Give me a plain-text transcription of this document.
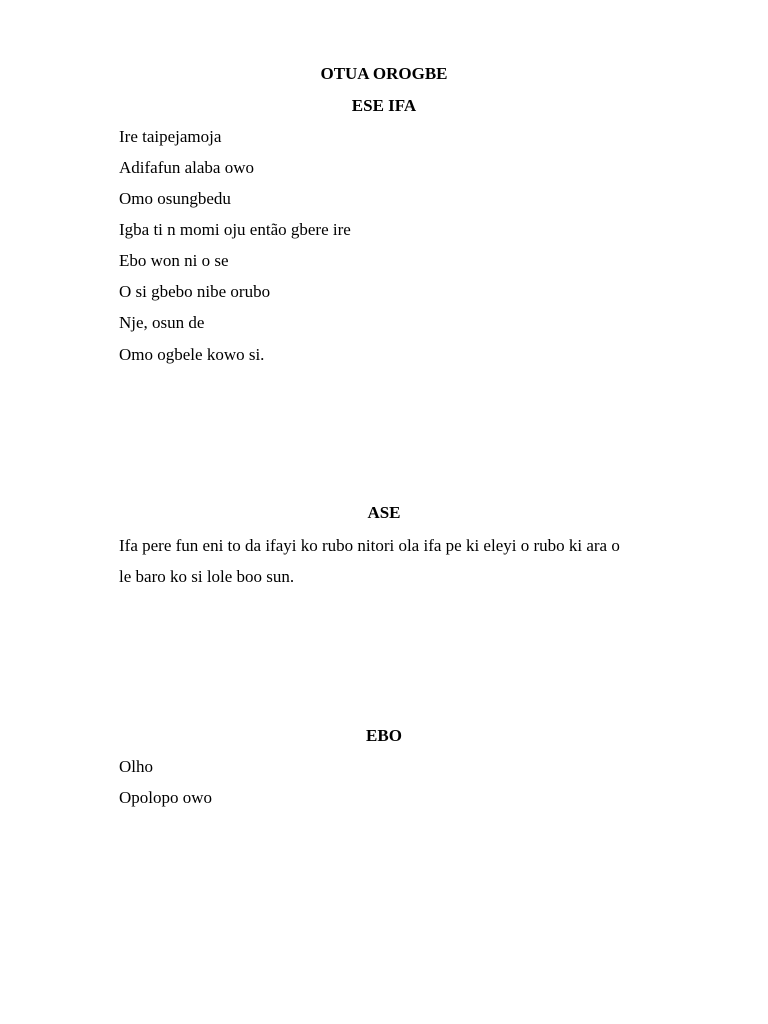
OTUA OROGBE

ESE IFA

Ire taipejamoja

Adifafun alaba owo

Omo osungbedu

Igba ti n momi oju então gbere ire

Ebo won ni o se

O si gbebo nibe orubo

Nje, osun de

Omo ogbele kowo si.

ASE

Ifa pere fun eni to da ifayi ko rubo nitori ola ifa pe ki eleyi o rubo ki ara o

le baro ko si lole boo sun.

EBO

Olho

Opolopo owo
